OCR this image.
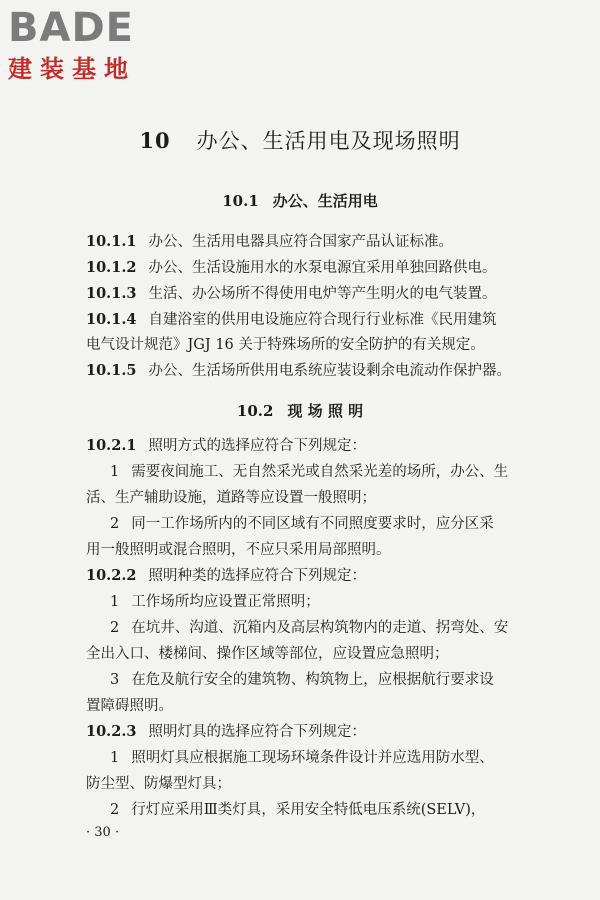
BADE
建装基地
10 办公、生活用电及现场照明
10.1 办公、生活用电
10.1.1 办公、生活用电器具应符合国家产品认证标准。
10.1.2 办公、生活设施用水的水泵电源宜采用单独回路供电。
10.1.3 生活、办公场所不得使用电炉等产生明火的电气装置。
10.1.4 自建浴室的供用电设施应符合现行行业标准《民用建筑
电气设计规范》JGJ 16 关于特殊场所的安全防护的有关规定。
10.1.5 办公、生活场所供用电系统应装设剩余电流动作保护器。
10.2 现 场 照 明
10.2.1 照明方式的选择应符合下列规定：
1 需要夜间施工、无自然采光或自然采光差的场所，办公、生
活、生产辅助设施，道路等应设置一般照明；
2 同一工作场所内的不同区域有不同照度要求时，应分区采
用一般照明或混合照明，不应只采用局部照明。
10.2.2 照明种类的选择应符合下列规定：
1 工作场所均应设置正常照明；
2 在坑井、沟道、沉箱内及高层构筑物内的走道、拐弯处、安
全出入口、楼梯间、操作区域等部位，应设置应急照明；
3 在危及航行安全的建筑物、构筑物上，应根据航行要求设
置障碍照明。
10.2.3 照明灯具的选择应符合下列规定：
1 照明灯具应根据施工现场环境条件设计并应选用防水型、
防尘型、防爆型灯具；
2 行灯应采用Ⅲ类灯具，采用安全特低电压系统(SELV)，
· 30 ·
